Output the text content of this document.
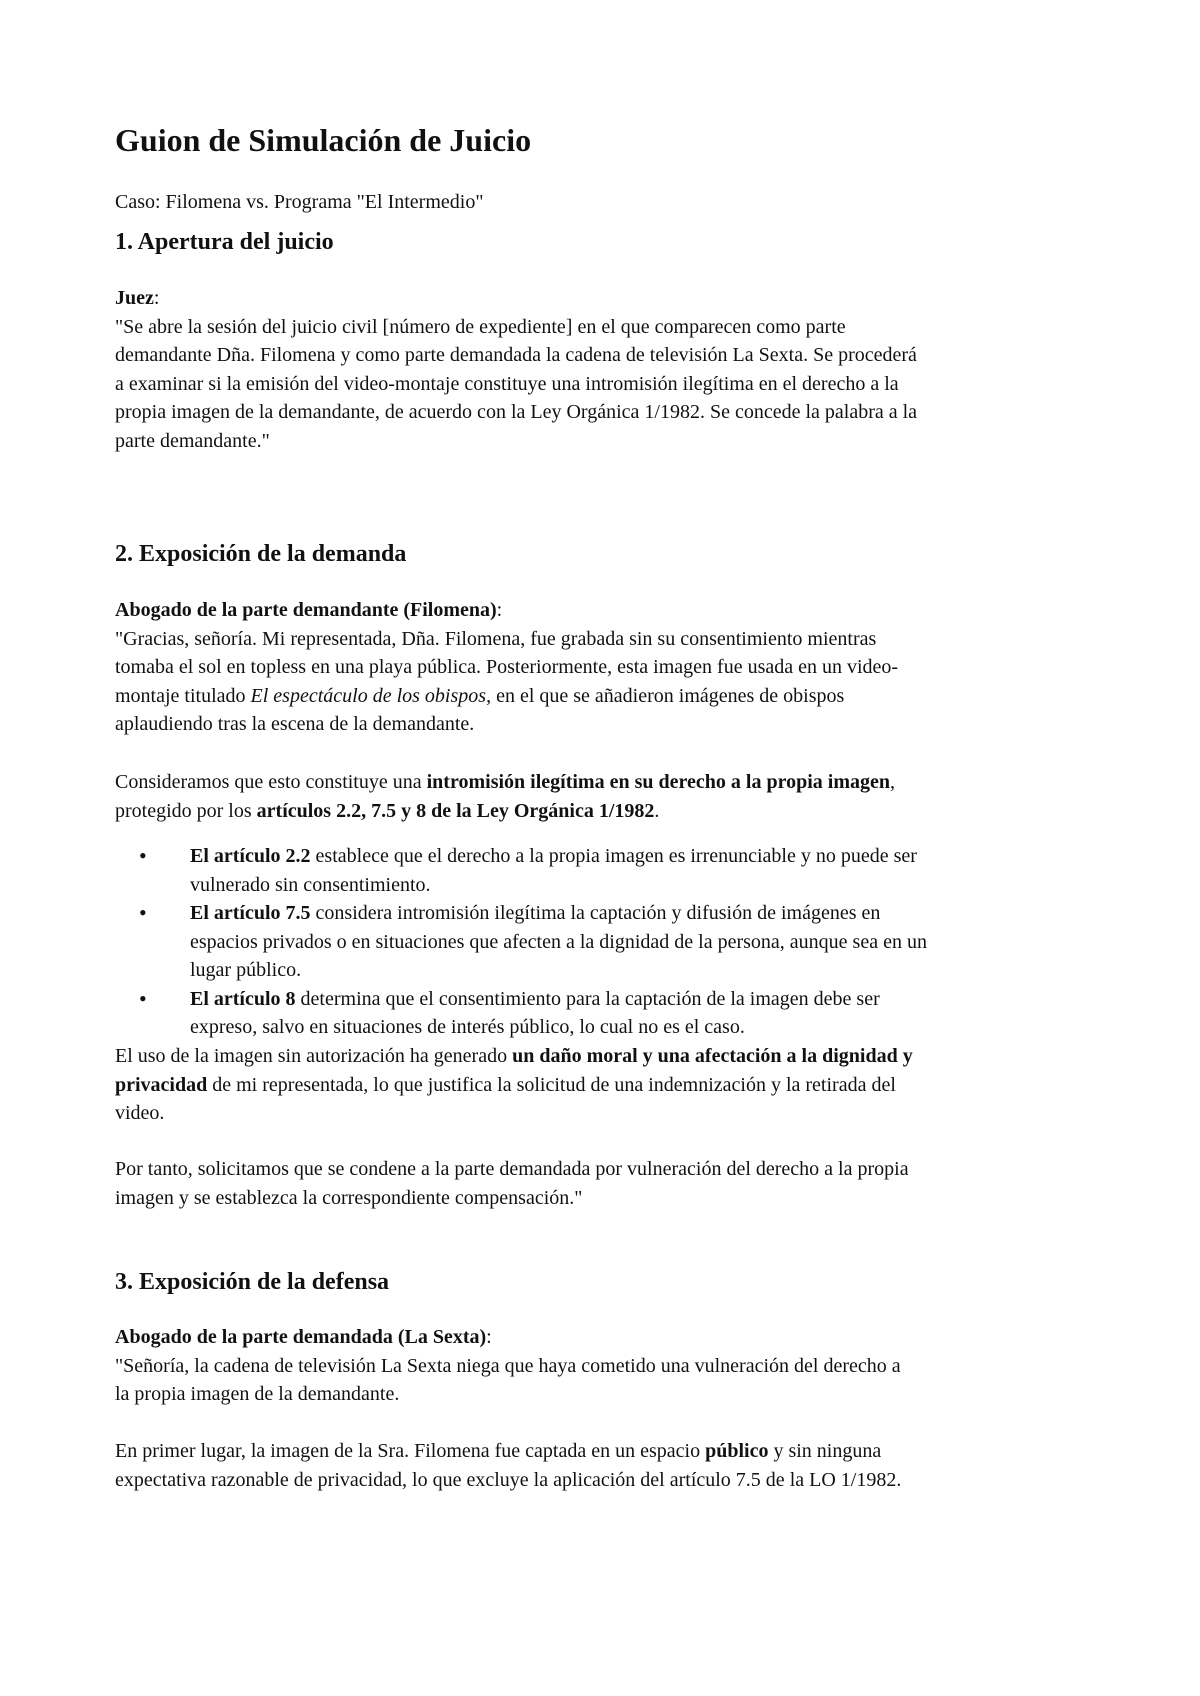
Guion de Simulación de Juicio
Caso: Filomena vs. Programa "El Intermedio"
1. Apertura del juicio
Juez:
"Se abre la sesión del juicio civil [número de expediente] en el que comparecen como parte
demandante Dña. Filomena y como parte demandada la cadena de televisión La Sexta. Se procederá
a examinar si la emisión del video-montaje constituye una intromisión ilegítima en el derecho a la
propia imagen de la demandante, de acuerdo con la Ley Orgánica 1/1982. Se concede la palabra a la
parte demandante."
2. Exposición de la demanda
Abogado de la parte demandante (Filomena):
"Gracias, señoría. Mi representada, Dña. Filomena, fue grabada sin su consentimiento mientras
tomaba el sol en topless en una playa pública. Posteriormente, esta imagen fue usada en un video-
montaje titulado El espectáculo de los obispos, en el que se añadieron imágenes de obispos
aplaudiendo tras la escena de la demandante.
Consideramos que esto constituye una intromisión ilegítima en su derecho a la propia imagen,
protegido por los artículos 2.2, 7.5 y 8 de la Ley Orgánica 1/1982.
• El artículo 2.2 establece que el derecho a la propia imagen es irrenunciable y no puede ser
vulnerado sin consentimiento.
• El artículo 7.5 considera intromisión ilegítima la captación y difusión de imágenes en
espacios privados o en situaciones que afecten a la dignidad de la persona, aunque sea en un
lugar público.
• El artículo 8 determina que el consentimiento para la captación de la imagen debe ser
expreso, salvo en situaciones de interés público, lo cual no es el caso.
El uso de la imagen sin autorización ha generado un daño moral y una afectación a la dignidad y
privacidad de mi representada, lo que justifica la solicitud de una indemnización y la retirada del
video.
Por tanto, solicitamos que se condene a la parte demandada por vulneración del derecho a la propia
imagen y se establezca la correspondiente compensación."
3. Exposición de la defensa
Abogado de la parte demandada (La Sexta):
"Señoría, la cadena de televisión La Sexta niega que haya cometido una vulneración del derecho a
la propia imagen de la demandante.
En primer lugar, la imagen de la Sra. Filomena fue captada en un espacio público y sin ninguna
expectativa razonable de privacidad, lo que excluye la aplicación del artículo 7.5 de la LO 1/1982.
